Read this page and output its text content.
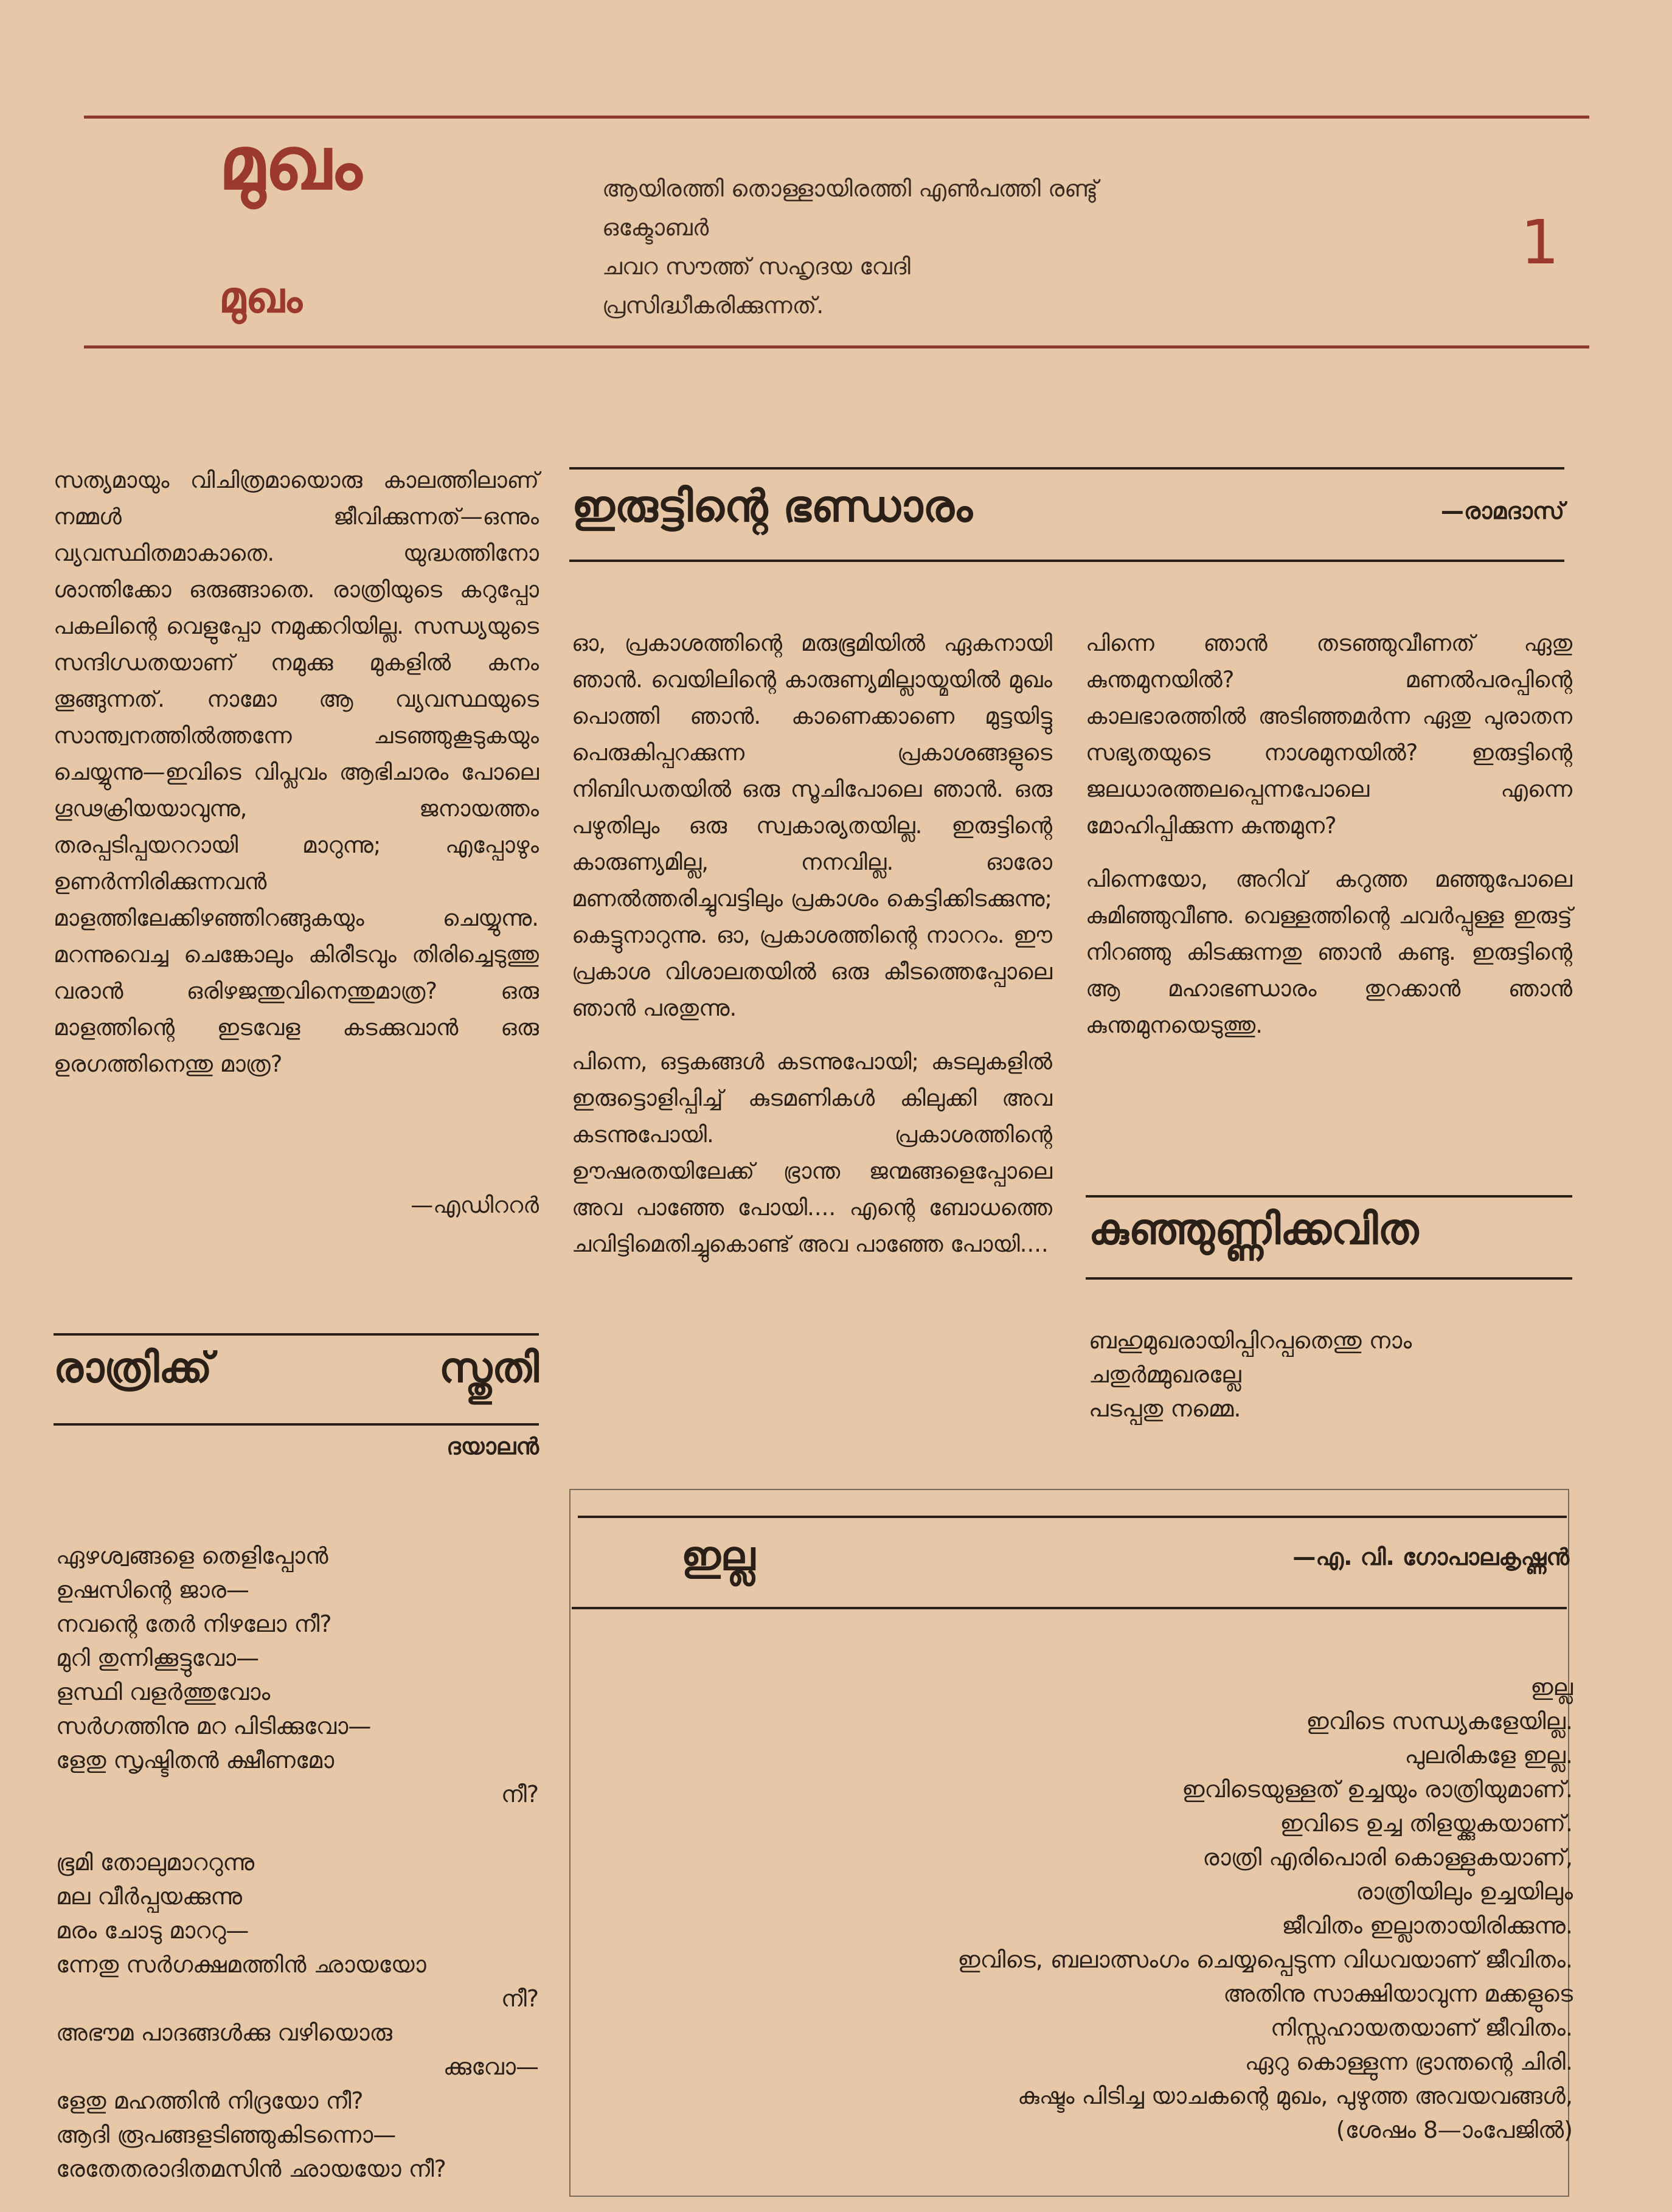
മുഖം
മുഖം
ആയിരത്തി തൊള്ളായിരത്തി എൺപത്തി രണ്ടു്
ഒക്ടോബർ
ചവറ സൗത്ത് സഹൃദയ വേദി
പ്രസിദ്ധീകരിക്കുന്നത്.
1
സത്യമായും വിചിത്രമായൊരു കാലത്തിലാണ് നമ്മൾ ജീവിക്കുന്നത്—ഒന്നും വ്യവസ്ഥിതമാകാതെ. യുദ്ധത്തിനോ ശാന്തിക്കോ ഒരുങ്ങാതെ. രാത്രിയുടെ കറുപ്പോ പകലിന്റെ വെളുപ്പോ നമുക്കറിയില്ല. സന്ധ്യയുടെ സന്ദിഗ്ധതയാണ് നമുക്കു മുകളിൽ കനം തൂങ്ങുന്നത്. നാമോ ആ വ്യവസ്ഥയുടെ സാന്ത്വനത്തിൽത്തന്നേ ചടഞ്ഞുകൂടുകയും ചെയ്യുന്നു—ഇവിടെ വിപ്ലവം ആഭിചാരം പോലെ ഗൂഢക്രിയയാവുന്നു, ജനായത്തം തരപ്പടിപ്പയററായി മാറുന്നു; എപ്പോഴും ഉണർന്നിരിക്കുന്നവൻ മാളത്തിലേക്കിഴഞ്ഞിറങ്ങുകയും ചെയ്യുന്നു. മറന്നുവെച്ച ചെങ്കോലും കിരീടവും തിരിച്ചെടുത്തു വരാൻ ഒരിഴജന്തുവിനെന്തുമാത്ര? ഒരു മാളത്തിന്റെ ഇടവേള കടക്കുവാൻ ഒരു ഉരഗത്തിനെന്തു മാത്ര?
—എഡിററർ
രാത്രിക്ക് സ്തുതി
ദയാലൻ
ഏഴശ്വങ്ങളെ തെളിപ്പോൻ
ഉഷസിന്റെ ജാര—
നവന്റെ തേർ നിഴലോ നീ?
മുറി തുന്നിക്കൂട്ടുവോ—
ളസ്ഥി വളർത്തുവോം
സർഗത്തിനു മറ പിടിക്കുവോ—
ളേതു സൃഷ്ടിതൻ ക്ഷീണമോ
നീ?

ഭൂമി തോലുമാററുന്നു
മല വീർപ്പയക്കുന്നു
മരം ചോടു മാററു—
ന്നേതു സർഗക്ഷമത്തിൻ ഛായയോ
നീ?
അഭൗമ പാദങ്ങൾക്കു വഴിയൊരു
ക്കുവോ—
ളേതു മഹത്തിൻ നിദ്രയോ നീ?
ആദി രൂപങ്ങളടിഞ്ഞുകിടന്നൊ—
രേതേതരാദിതമസിൻ ഛായയോ നീ?
ഇരുട്ടിന്റെ ഭണ്ഡാരം	—രാമദാസ്

ഓ, പ്രകാശത്തിന്റെ മരുഭൂമിയിൽ ഏകനായി ഞാൻ. വെയിലിന്റെ കാരുണ്യമില്ലായ്മയിൽ മുഖം പൊത്തി ഞാൻ. കാണെക്കാണെ മുട്ടയിട്ടു പെരുകിപ്പറക്കുന്ന പ്രകാശങ്ങളുടെ നിബിഡതയിൽ ഒരു സൂചിപോലെ ഞാൻ. ഒരു പഴുതിലും ഒരു സ്വകാര്യതയില്ല. ഇരുട്ടിന്റെ കാരുണ്യമില്ല, നനവില്ല. ഓരോ മണൽത്തരിച്ചുവട്ടിലും പ്രകാശം കെട്ടിക്കിടക്കുന്നു; കെട്ടുനാറുന്നു. ഓ, പ്രകാശത്തിന്റെ നാററം. ഈ പ്രകാശ വിശാലതയിൽ ഒരു കീടത്തെപ്പോലെ ഞാൻ പരതുന്നു.

പിന്നെ, ഒട്ടകങ്ങൾ കടന്നുപോയി; കുടലുകളിൽ ഇരുട്ടൊളിപ്പിച്ച് കുടമണികൾ കിലുക്കി അവ കടന്നുപോയി. പ്രകാശത്തിന്റെ ഊഷരതയിലേക്ക് ഭ്രാന്ത ജന്മങ്ങളെപ്പോലെ അവ പാഞ്ഞേ പോയി.... എന്റെ ബോധത്തെ ചവിട്ടിമെതിച്ചുകൊണ്ട് അവ പാഞ്ഞേ പോയി....

പിന്നെ ഞാൻ തടഞ്ഞുവീണത് ഏതു കുന്തമുനയിൽ? മണൽപരപ്പിന്റെ കാലഭാരത്തിൽ അടിഞ്ഞമർന്ന ഏതു പുരാതന സഭ്യതയുടെ നാശമുനയിൽ? ഇരുട്ടിന്റെ ജലധാരത്തലപ്പെന്നപോലെ എന്നെ മോഹിപ്പിക്കുന്ന കുന്തമുന?

പിന്നെയോ, അറിവ് കറുത്ത മഞ്ഞുപോലെ കുമിഞ്ഞുവീണു. വെള്ളത്തിന്റെ ചവർപ്പുള്ള ഇരുട്ട് നിറഞ്ഞു കിടക്കുന്നതു ഞാൻ കണ്ടു. ഇരുട്ടിന്റെ ആ മഹാഭണ്ഡാരം തുറക്കാൻ ഞാൻ കുന്തമുനയെടുത്തു.

കുഞ്ഞുണ്ണിക്കവിത
ബഹുമുഖരായിപ്പിറപ്പതെന്തു നാം
ചതുർമ്മുഖരല്ലേ
പടപ്പതു നമ്മെ.
ഇല്ല	—എ. വി. ഗോപാലകൃഷ്ണൻ
ഇല്ല
ഇവിടെ സന്ധ്യകളേയില്ല.
പുലരികളേ ഇല്ല.
ഇവിടെയുള്ളത് ഉച്ചയും രാത്രിയുമാണ്.
ഇവിടെ ഉച്ച തിളയ്ക്കുകയാണ്.
രാത്രി എരിപൊരി കൊള്ളുകയാണ്,
രാത്രിയിലും ഉച്ചയിലും
ജീവിതം ഇല്ലാതായിരിക്കുന്നു.
ഇവിടെ, ബലാത്സംഗം ചെയ്യപ്പെടുന്ന വിധവയാണ് ജീവിതം.
അതിനു സാക്ഷിയാവുന്ന മക്കളുടെ
നിസ്സഹായതയാണ് ജീവിതം.
ഏറു കൊള്ളുന്ന ഭ്രാന്തന്റെ ചിരി.
കുഷ്ടം പിടിച്ച യാചകന്റെ മുഖം, പുഴുത്ത അവയവങ്ങൾ,
(ശേഷം 8—ാംപേജിൽ)
